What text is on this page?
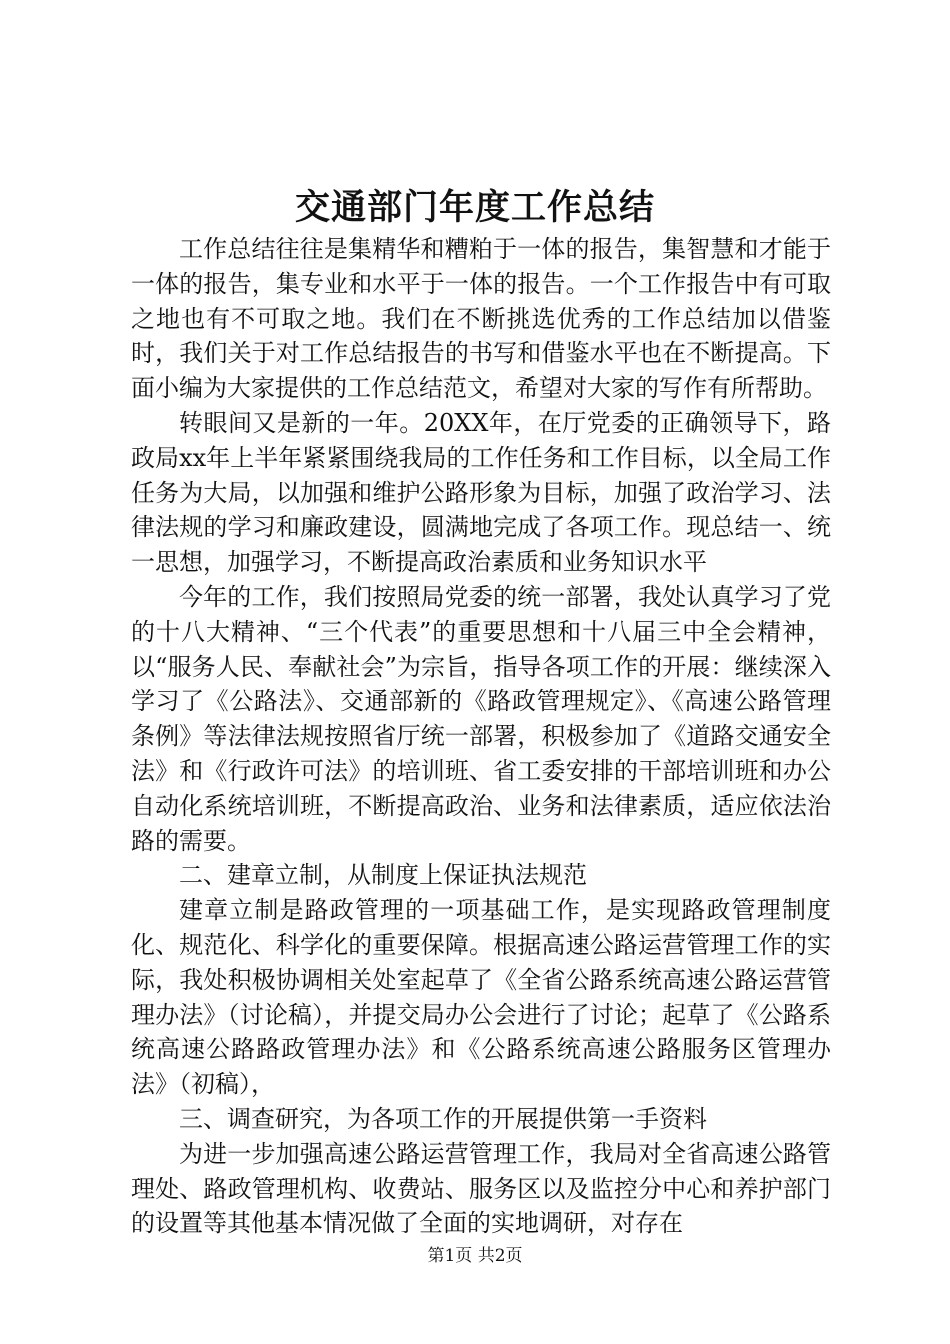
交通部门年度工作总结

工作总结往往是集精华和糟粕于一体的报告，集智慧和才能于一体的报告，集专业和水平于一体的报告。一个工作报告中有可取之地也有不可取之地。我们在不断挑选优秀的工作总结加以借鉴时，我们关于对工作总结报告的书写和借鉴水平也在不断提高。下面小编为大家提供的工作总结范文，希望对大家的写作有所帮助。

转眼间又是新的一年。20XX年，在厅党委的正确领导下，路政局xx年上半年紧紧围绕我局的工作任务和工作目标，以全局工作任务为大局，以加强和维护公路形象为目标，加强了政治学习、法律法规的学习和廉政建设，圆满地完成了各项工作。现总结一、统一思想，加强学习，不断提高政治素质和业务知识水平

今年的工作，我们按照局党委的统一部署，我处认真学习了党的十八大精神、“三个代表”的重要思想和十八届三中全会精神，以“服务人民、奉献社会”为宗旨，指导各项工作的开展：继续深入学习了《公路法》、交通部新的《路政管理规定》、《高速公路管理条例》等法律法规按照省厅统一部署，积极参加了《道路交通安全法》和《行政许可法》的培训班、省工委安排的干部培训班和办公自动化系统培训班，不断提高政治、业务和法律素质，适应依法治路的需要。

二、建章立制，从制度上保证执法规范

建章立制是路政管理的一项基础工作，是实现路政管理制度化、规范化、科学化的重要保障。根据高速公路运营管理工作的实际，我处积极协调相关处室起草了《全省公路系统高速公路运营管理办法》（讨论稿），并提交局办公会进行了讨论；起草了《公路系统高速公路路政管理办法》和《公路系统高速公路服务区管理办法》（初稿），

三、调查研究，为各项工作的开展提供第一手资料

为进一步加强高速公路运营管理工作，我局对全省高速公路管理处、路政管理机构、收费站、服务区以及监控分中心和养护部门的设置等其他基本情况做了全面的实地调研，对存在

第1页 共2页
